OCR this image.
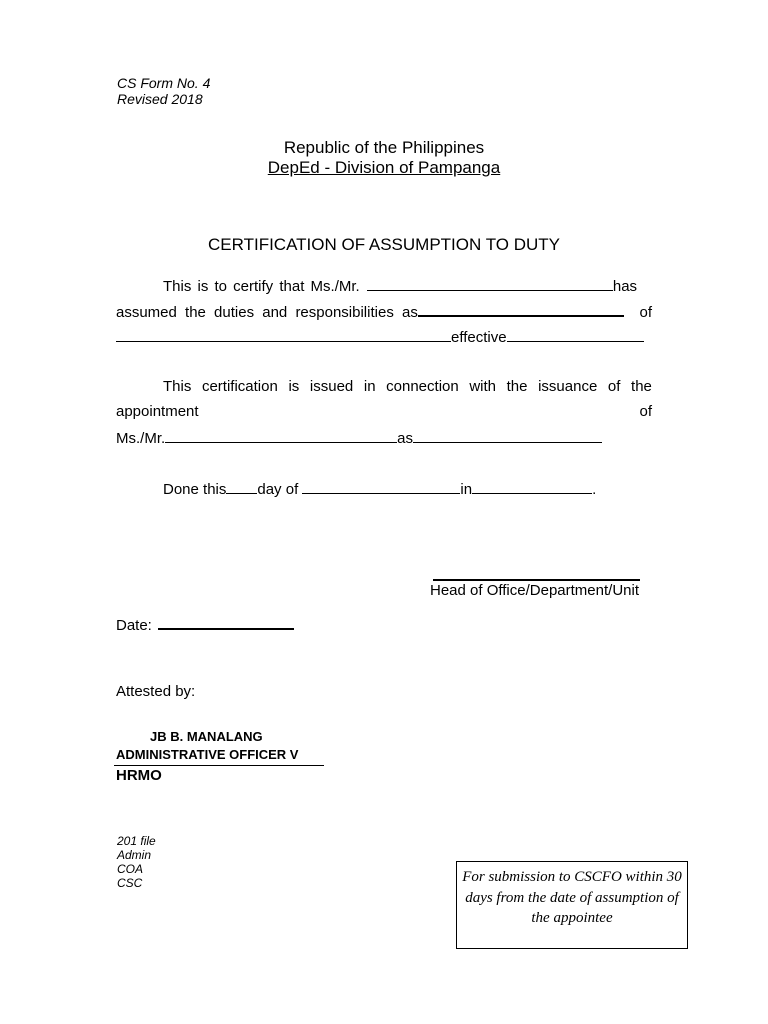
CS Form No. 4
Revised 2018
Republic of the Philippines
DepEd - Division of Pampanga
CERTIFICATION OF ASSUMPTION TO DUTY
This is to certify that Ms./Mr.	has
assumed the duties and responsibilities as	of
effective
This certification is issued in connection with the issuance of the
appointment	of
Ms./Mr.	as
Done this day of	in	.
Head of Office/Department/Unit
Date:
Attested by:
JB B. MANALANG
ADMINISTRATIVE OFFICER V
HRMO
201 file
Admin
COA
CSC	For submission to CSCFO within 30 days from the date of assumption of the appointee
